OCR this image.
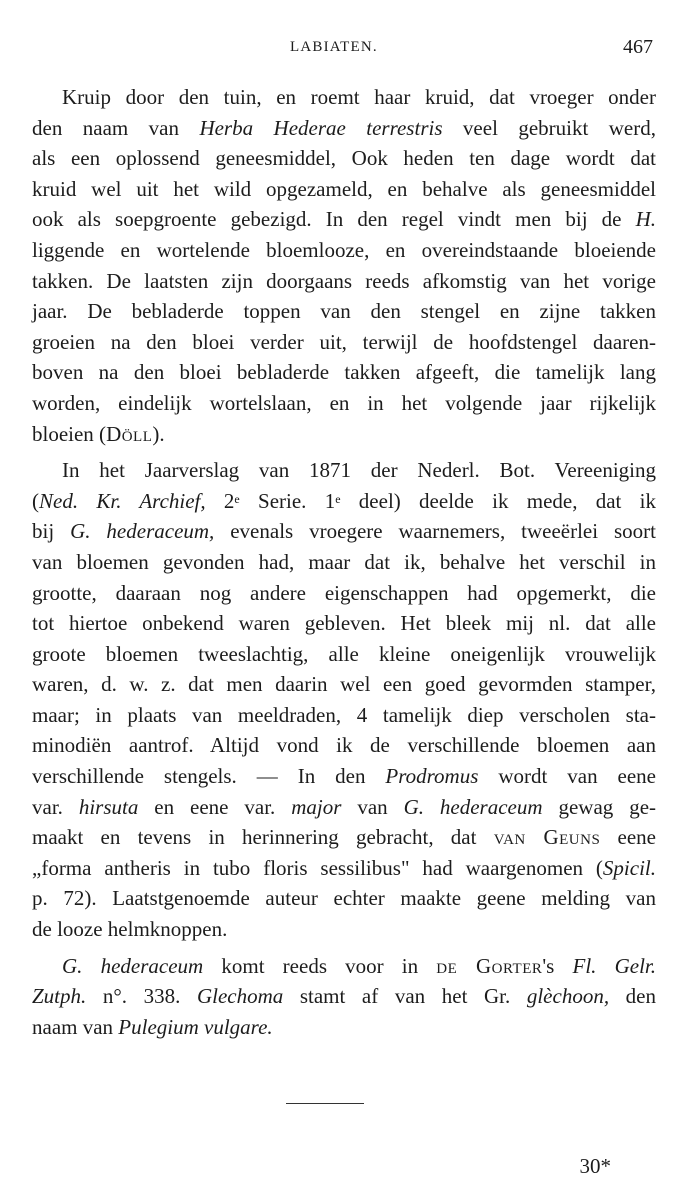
LABIATEN.	467
Kruip door den tuin, en roemt haar kruid, dat vroeger onder
den naam van Herba Hederae terrestris veel gebruikt werd,
als een oplossend geneesmiddel, Ook heden ten dage wordt dat
kruid wel uit het wild opgezameld, en behalve als geneesmiddel
ook als soepgroente gebezigd. In den regel vindt men bij de H.
liggende en wortelende bloemlooze, en overeindstaande bloeiende
takken. De laatsten zijn doorgaans reeds afkomstig van het vorige
jaar. De bebladerde toppen van den stengel en zijne takken
groeien na den bloei verder uit, terwijl de hoofdstengel daaren-
boven na den bloei bebladerde takken afgeeft, die tamelijk lang
worden, eindelijk wortelslaan, en in het volgende jaar rijkelijk
bloeien (Döll).
In het Jaarverslag van 1871 der Nederl. Bot. Vereeniging
(Ned. Kr. Archief, 2e Serie. 1e deel) deelde ik mede, dat ik
bij G. hederaceum, evenals vroegere waarnemers, tweeërlei soort
van bloemen gevonden had, maar dat ik, behalve het verschil in
grootte, daaraan nog andere eigenschappen had opgemerkt, die
tot hiertoe onbekend waren gebleven. Het bleek mij nl. dat alle
groote bloemen tweeslachtig, alle kleine oneigenlijk vrouwelijk
waren, d. w. z. dat men daarin wel een goed gevormden stamper,
maar; in plaats van meeldraden, 4 tamelijk diep verscholen sta-
minodiën aantrof. Altijd vond ik de verschillende bloemen aan
verschillende stengels. — In den Prodromus wordt van eene
var. hirsuta en eene var. major van G. hederaceum gewag ge-
maakt en tevens in herinnering gebracht, dat van Geuns eene
„forma antheris in tubo floris sessilibus" had waargenomen (Spicil.
p. 72). Laatstgenoemde auteur echter maakte geene melding van
de looze helmknoppen.
G. hederaceum komt reeds voor in de Gorter's Fl. Gelr.
Zutph. n°. 338. Glechoma stamt af van het Gr. glèchoon, den
naam van Pulegium vulgare.
30*
